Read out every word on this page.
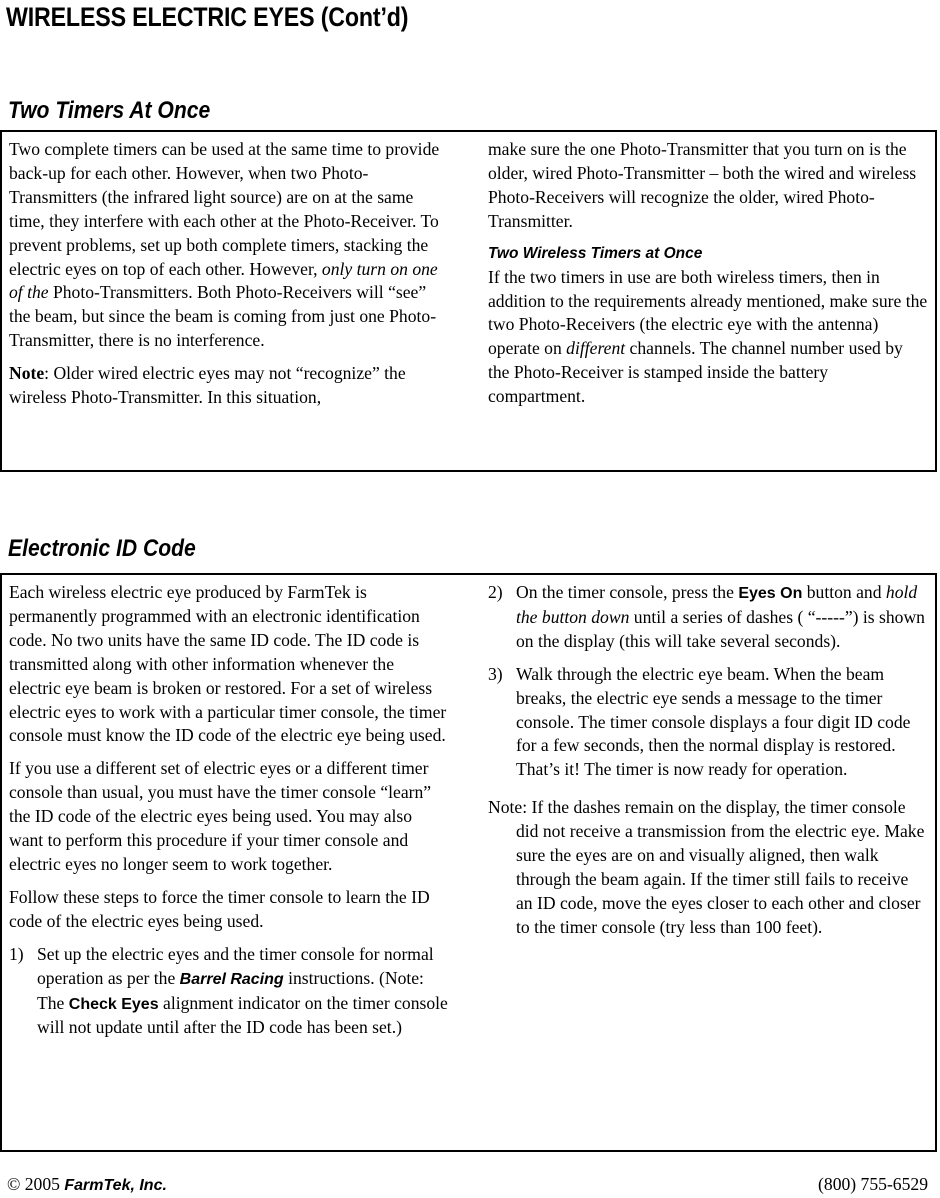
WIRELESS ELECTRIC EYES (Cont’d)
Two Timers At Once

Two complete timers can be used at the same time to provide back-up for each other. However, when two Photo-Transmitters (the infrared light source) are on at the same time, they interfere with each other at the Photo-Receiver. To prevent problems, set up both complete timers, stacking the electric eyes on top of each other. However, only turn on one of the Photo-Transmitters. Both Photo-Receivers will “see” the beam, but since the beam is coming from just one Photo-Transmitter, there is no interference.

Note: Older wired electric eyes may not “recognize” the wireless Photo-Transmitter. In this situation,

make sure the one Photo-Transmitter that you turn on is the older, wired Photo-Transmitter – both the wired and wireless Photo-Receivers will recognize the older, wired Photo-Transmitter.

Two Wireless Timers at Once

If the two timers in use are both wireless timers, then in addition to the requirements already mentioned, make sure the two Photo-Receivers (the electric eye with the antenna) operate on different channels. The channel number used by the Photo-Receiver is stamped inside the battery compartment.

Electronic ID Code

Each wireless electric eye produced by FarmTek is permanently programmed with an electronic identification code. No two units have the same ID code. The ID code is transmitted along with other information whenever the electric eye beam is broken or restored. For a set of wireless electric eyes to work with a particular timer console, the timer console must know the ID code of the electric eye being used.

If you use a different set of electric eyes or a different timer console than usual, you must have the timer console “learn” the ID code of the electric eyes being used. You may also want to perform this procedure if your timer console and electric eyes no longer seem to work together.

Follow these steps to force the timer console to learn the ID code of the electric eyes being used.

1) Set up the electric eyes and the timer console for normal operation as per the Barrel Racing instructions. (Note: The Check Eyes alignment indicator on the timer console will not update until after the ID code has been set.)
2) On the timer console, press the Eyes On button and hold the button down until a series of dashes ( “-----”) is shown on the display (this will take several seconds).
3) Walk through the electric eye beam. When the beam breaks, the electric eye sends a message to the timer console. The timer console displays a four digit ID code for a few seconds, then the normal display is restored. That’s it! The timer is now ready for operation.

Note: If the dashes remain on the display, the timer console did not receive a transmission from the electric eye. Make sure the eyes are on and visually aligned, then walk through the beam again. If the timer still fails to receive an ID code, move the eyes closer to each other and closer to the timer console (try less than 100 feet).

© 2005 FarmTek, Inc.	(800) 755-6529
